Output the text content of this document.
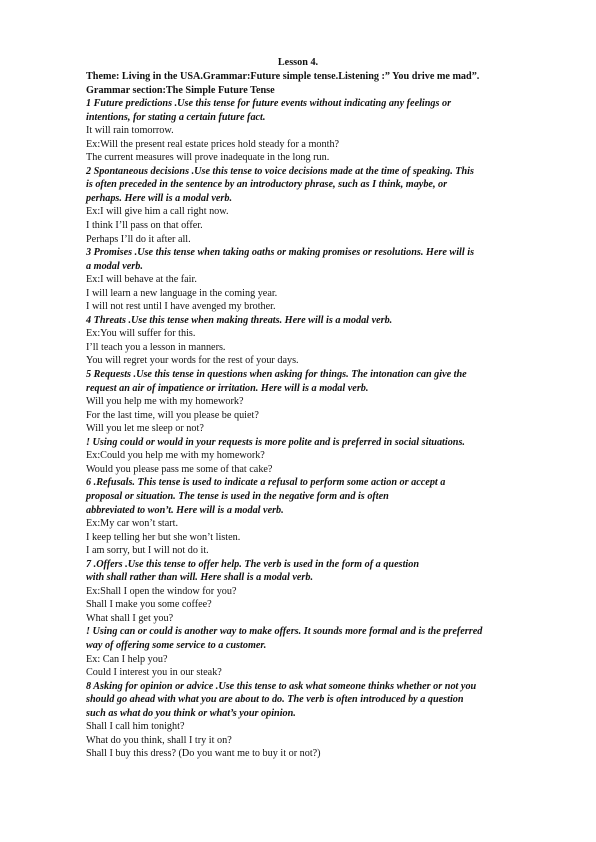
Lesson 4.
Theme: Living in the USA.Grammar:Future simple tense.Listening :” You drive me mad”.
Grammar section:The Simple Future Tense
1 Future predictions .Use this tense for future events without indicating any feelings or
intentions, for stating a certain future fact.
It will rain tomorrow.
Ex:Will the present real estate prices hold steady for a month?
The current measures will prove inadequate in the long run.
2 Spontaneous decisions .Use this tense to voice decisions made at the time of speaking. This
is often preceded in the sentence by an introductory phrase, such as I think, maybe, or
perhaps. Here will is a modal verb.
Ex:I will give him a call right now.
I think I’ll pass on that offer.
Perhaps I’ll do it after all.
3 Promises .Use this tense when taking oaths or making promises or resolutions. Here will is
a modal verb.
Ex:I will behave at the fair.
I will learn a new language in the coming year.
I will not rest until I have avenged my brother.
4 Threats .Use this tense when making threats. Here will is a modal verb.
Ex:You will suffer for this.
I’ll teach you a lesson in manners.
You will regret your words for the rest of your days.
5 Requests .Use this tense in questions when asking for things. The intonation can give the
request an air of impatience or irritation. Here will is a modal verb.
Will you help me with my homework?
For the last time, will you please be quiet?
Will you let me sleep or not?
! Using could or would in your requests is more polite and is preferred in social situations.
Ex:Could you help me with my homework?
Would you please pass me some of that cake?
6 .Refusals. This tense is used to indicate a refusal to perform some action or accept a
proposal or situation. The tense is used in the negative form and is often
abbreviated to won’t. Here will is a modal verb.
Ex:My car won’t start.
I keep telling her but she won’t listen.
I am sorry, but I will not do it.
7 .Offers .Use this tense to offer help. The verb is used in the form of a question
with shall rather than will. Here shall is a modal verb.
Ex:Shall I open the window for you?
Shall I make you some coffee?
What shall I get you?
! Using can or could is another way to make offers. It sounds more formal and is the preferred
way of offering some service to a customer.
Ex: Can I help you?
Could I interest you in our steak?
8 Asking for opinion or advice .Use this tense to ask what someone thinks whether or not you
should go ahead with what you are about to do. The verb is often introduced by a question
such as what do you think or what’s your opinion.
Shall I call him tonight?
What do you think, shall I try it on?
Shall I buy this dress? (Do you want me to buy it or not?)
